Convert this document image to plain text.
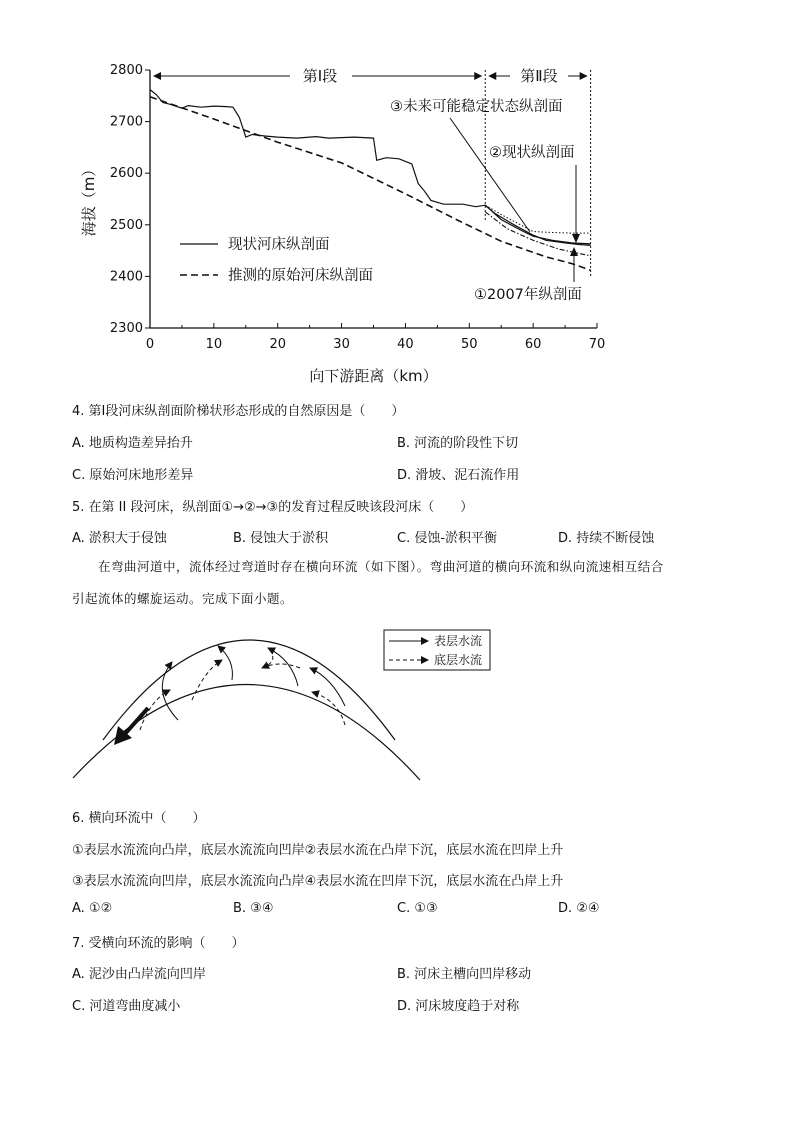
2300
2400
2500
2600
2700
2800
0	10	20	30	40	50	60	70
向下游距离（km）
海拔（m）
第Ⅰ段	第Ⅱ段
现状河床纵剖面
推测的原始河床纵剖面
③未来可能稳定状态纵剖面
②现状纵剖面
①2007年纵剖面
4. 第Ⅰ段河床纵剖面阶梯状形态形成的自然原因是（　　）
A. 地质构造差异抬升	B. 河流的阶段性下切
C. 原始河床地形差异	D. 滑坡、泥石流作用
5. 在第 II 段河床，纵剖面①→②→③的发育过程反映该段河床（　　）
A. 淤积大于侵蚀	B. 侵蚀大于淤积	C. 侵蚀-淤积平衡	D. 持续不断侵蚀
在弯曲河道中，流体经过弯道时存在横向环流（如下图）。弯曲河道的横向环流和纵向流速相互结合
引起流体的螺旋运动。完成下面小题。
表层水流
底层水流
6. 横向环流中（　　）
①表层水流流向凸岸，底层水流流向凹岸②表层水流在凸岸下沉，底层水流在凹岸上升
③表层水流流向凹岸，底层水流流向凸岸④表层水流在凹岸下沉，底层水流在凸岸上升
A. ①②	B. ③④	C. ①③	D. ②④
7. 受横向环流的影响（　　）
A. 泥沙由凸岸流向凹岸	B. 河床主槽向凹岸移动
C. 河道弯曲度减小	D. 河床坡度趋于对称
